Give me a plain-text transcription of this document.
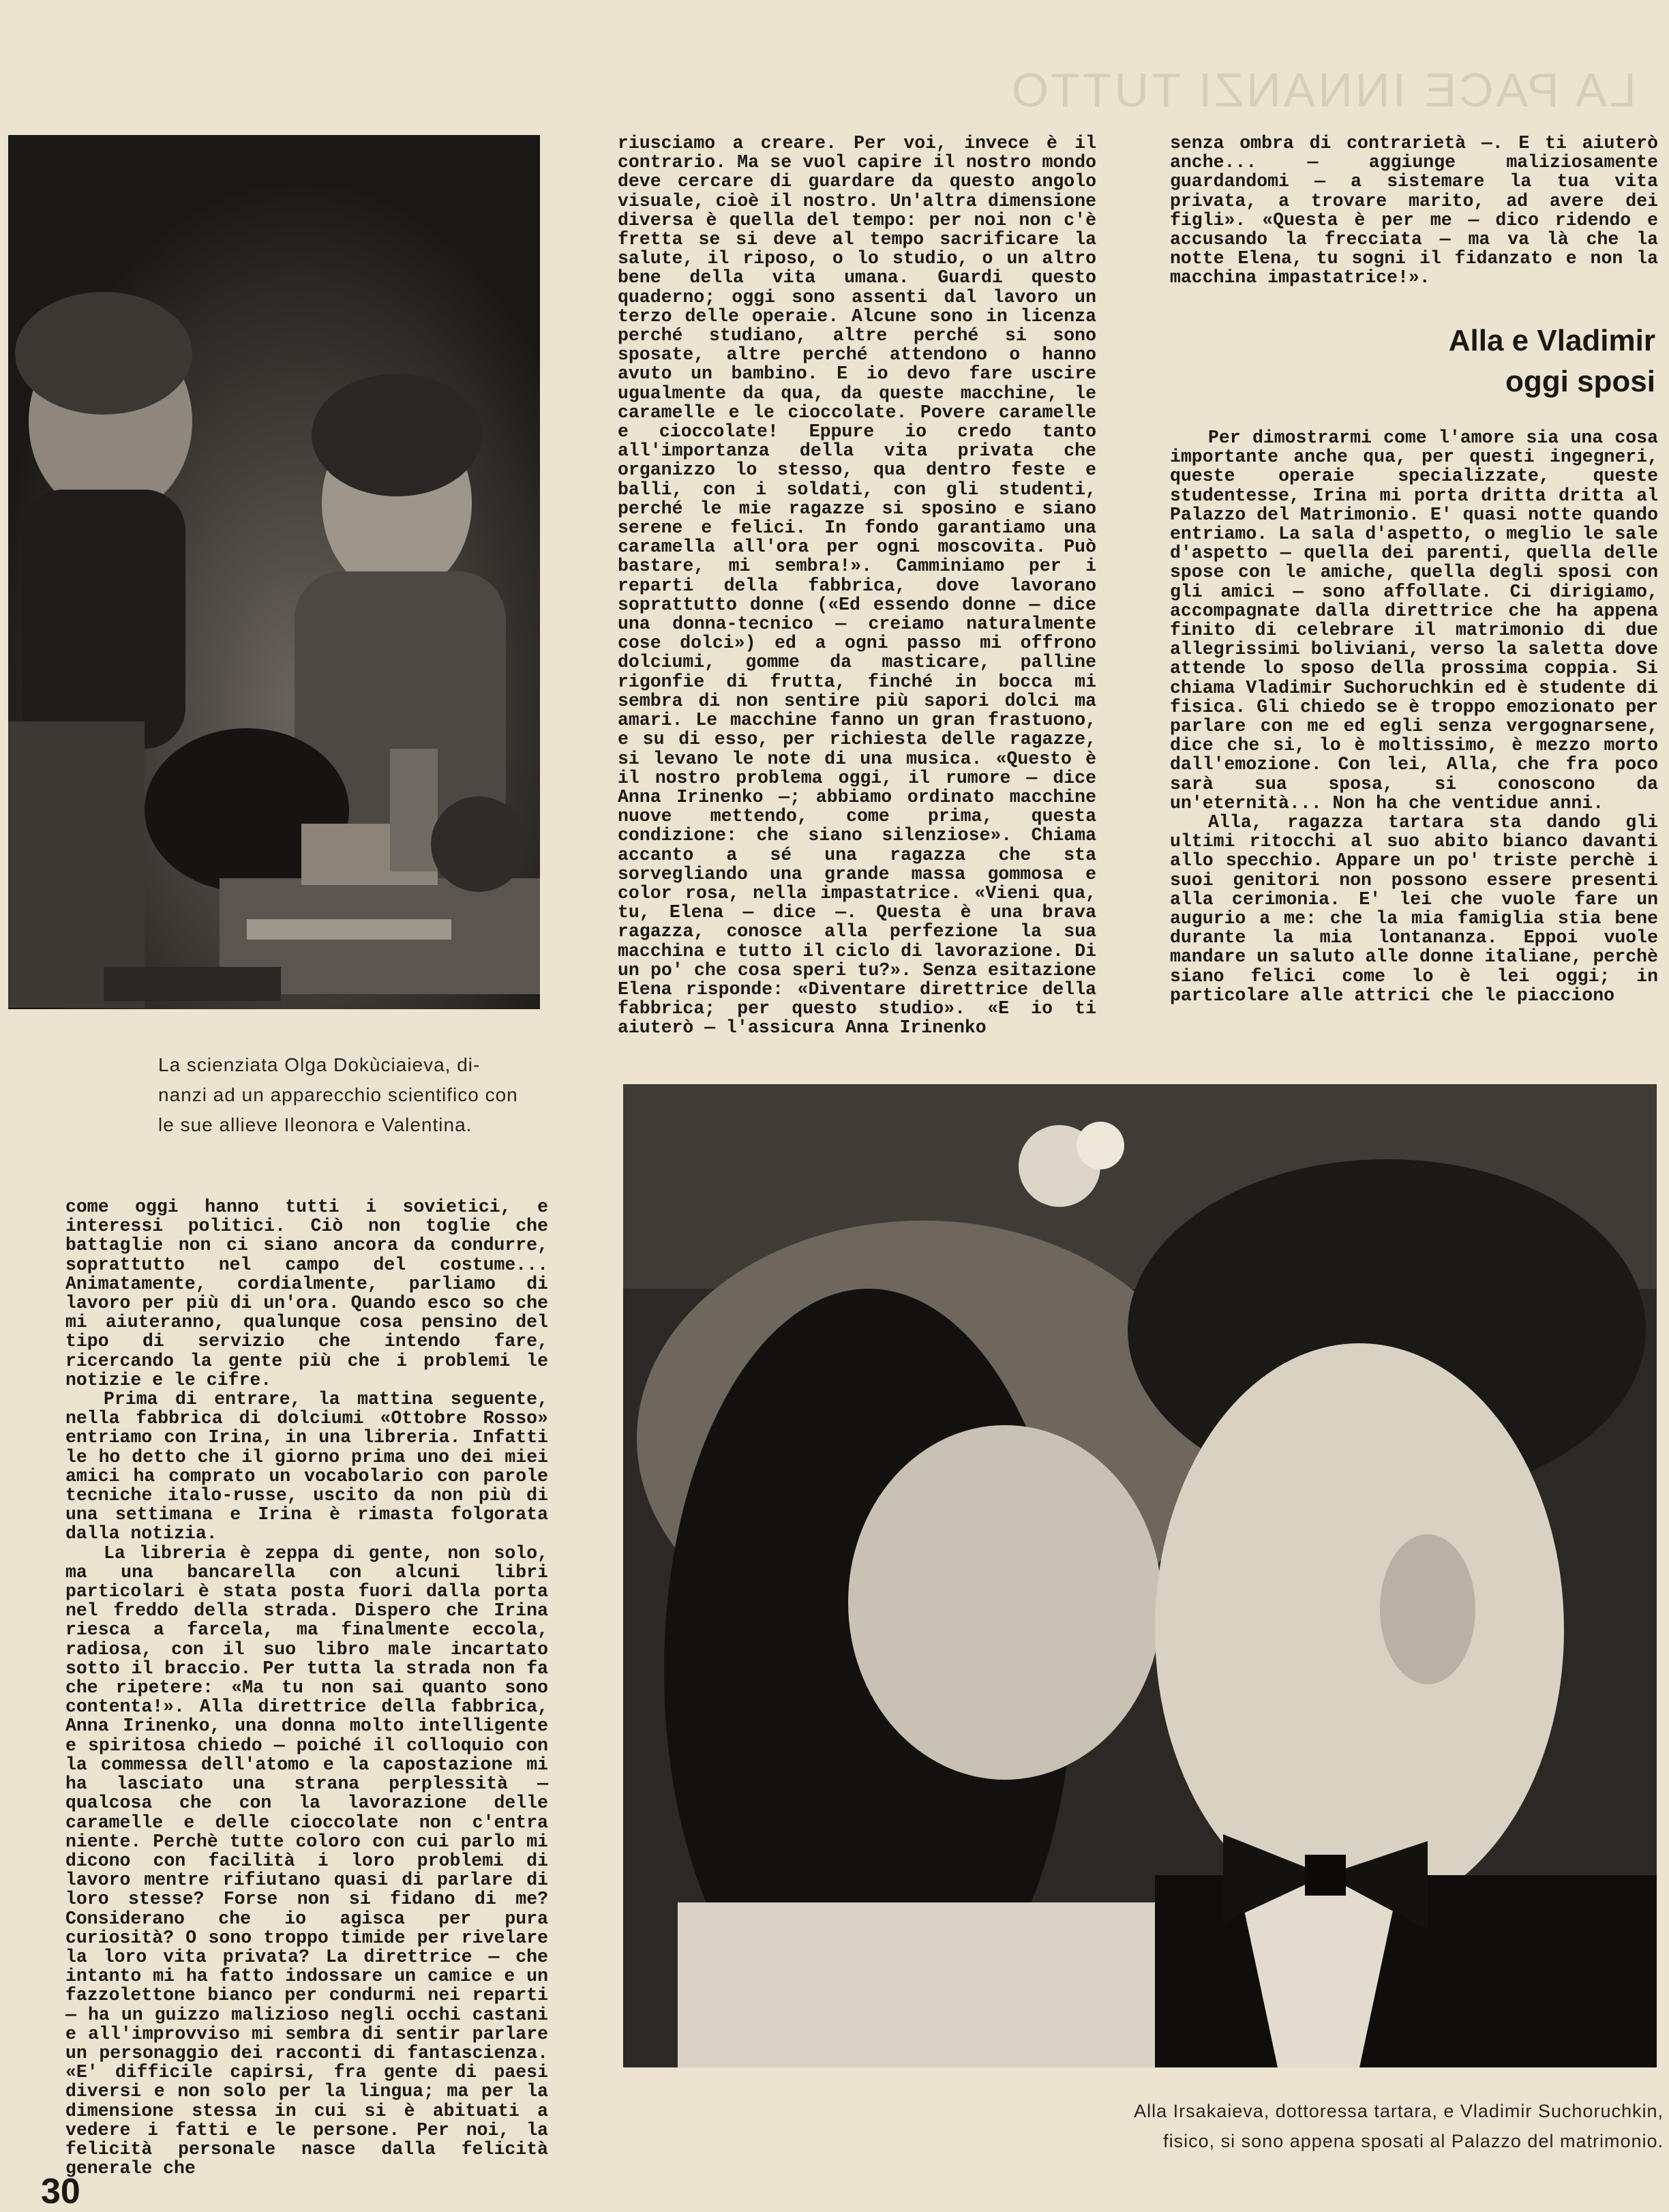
LA PACE INNANZI TUTTO
La scienziata Olga Dokùciaieva, di-
nanzi ad un apparecchio scientifico con
le sue allieve Ileonora e Valentina.

riusciamo a creare. Per voi, invece è il contrario. Ma se vuol capire il nostro mondo deve cercare di guardare da questo angolo visuale, cioè il nostro. Un'altra dimensione diversa è quella del tempo: per noi non c'è fretta se si deve al tempo sacrificare la salute, il riposo, o lo studio, o un altro bene della vita umana. Guardi questo quaderno; oggi sono assenti dal lavoro un terzo delle operaie. Alcune sono in licenza perché studiano, altre perché si sono sposate, altre perché attendono o hanno avuto un bambino. E io devo fare uscire ugualmente da qua, da queste macchine, le caramelle e le cioccolate. Povere caramelle e cioccolate! Eppure io credo tanto all'importanza della vita privata che organizzo lo stesso, qua dentro feste e balli, con i soldati, con gli studenti, perché le mie ragazze si sposino e siano serene e felici. In fondo garantiamo una caramella all'ora per ogni moscovita. Può bastare, mi sembra!». Camminiamo per i reparti della fabbrica, dove lavorano soprattutto donne («Ed essendo donne — dice una donna-tecnico — creiamo naturalmente cose dolci») ed a ogni passo mi offrono dolciumi, gomme da masticare, palline rigonfie di frutta, finché in bocca mi sembra di non sentire più sapori dolci ma amari. Le macchine fanno un gran frastuono, e su di esso, per richiesta delle ragazze, si levano le note di una musica. «Questo è il nostro problema oggi, il rumore — dice Anna Irinenko —; abbiamo ordinato macchine nuove mettendo, come prima, questa condizione: che siano silenziose». Chiama accanto a sé una ragazza che sta sorvegliando una grande massa gommosa e color rosa, nella impastatrice. «Vieni qua, tu, Elena — dice —. Questa è una brava ragazza, conosce alla perfezione la sua macchina e tutto il ciclo di lavorazione. Di un po' che cosa speri tu?». Senza esitazione Elena risponde: «Diventare direttrice della fabbrica; per questo studio». «E io ti aiuterò — l'assicura Anna Irinenko

senza ombra di contrarietà —. E ti aiuterò anche... — aggiunge maliziosamente guardandomi — a sistemare la tua vita privata, a trovare marito, ad avere dei figli». «Questa è per me — dico ridendo e accusando la frecciata — ma va là che la notte Elena, tu sogni il fidanzato e non la macchina impastatrice!».

Alla e Vladimir
oggi sposi

Per dimostrarmi come l'amore sia una cosa importante anche qua, per questi ingegneri, queste operaie specializzate, queste studentesse, Irina mi porta dritta dritta al Palazzo del Matrimonio. E' quasi notte quando entriamo. La sala d'aspetto, o meglio le sale d'aspetto — quella dei parenti, quella delle spose con le amiche, quella degli sposi con gli amici — sono affollate. Ci dirigiamo, accompagnate dalla direttrice che ha appena finito di celebrare il matrimonio di due allegrissimi boliviani, verso la saletta dove attende lo sposo della prossima coppia. Si chiama Vladimir Suchoruchkin ed è studente di fisica. Gli chiedo se è troppo emozionato per parlare con me ed egli senza vergognarsene, dice che si, lo è moltissimo, è mezzo morto dall'emozione. Con lei, Alla, che fra poco sarà sua sposa, si conoscono da un'eternità... Non ha che ventidue anni.

Alla, ragazza tartara sta dando gli ultimi ritocchi al suo abito bianco davanti allo specchio. Appare un po' triste perchè i suoi genitori non possono essere presenti alla cerimonia. E' lei che vuole fare un augurio a me: che la mia famiglia stia bene durante la mia lontananza. Eppoi vuole mandare un saluto alle donne italiane, perchè siano felici come lo è lei oggi; in particolare alle attrici che le piacciono

come oggi hanno tutti i sovietici, e interessi politici. Ciò non toglie che battaglie non ci siano ancora da condurre, soprattutto nel campo del costume... Animatamente, cordialmente, parliamo di lavoro per più di un'ora. Quando esco so che mi aiuteranno, qualunque cosa pensino del tipo di servizio che intendo fare, ricercando la gente più che i problemi le notizie e le cifre.

Prima di entrare, la mattina seguente, nella fabbrica di dolciumi «Ottobre Rosso» entriamo con Irina, in una libreria. Infatti le ho detto che il giorno prima uno dei miei amici ha comprato un vocabolario con parole tecniche italo-russe, uscito da non più di una settimana e Irina è rimasta folgorata dalla notizia.

La libreria è zeppa di gente, non solo, ma una bancarella con alcuni libri particolari è stata posta fuori dalla porta nel freddo della strada. Dispero che Irina riesca a farcela, ma finalmente eccola, radiosa, con il suo libro male incartato sotto il braccio. Per tutta la strada non fa che ripetere: «Ma tu non sai quanto sono contenta!». Alla direttrice della fabbrica, Anna Irinenko, una donna molto intelligente e spiritosa chiedo — poiché il colloquio con la commessa dell'atomo e la capostazione mi ha lasciato una strana perplessità — qualcosa che con la lavorazione delle caramelle e delle cioccolate non c'entra niente. Perchè tutte coloro con cui parlo mi dicono con facilità i loro problemi di lavoro mentre rifiutano quasi di parlare di loro stesse? Forse non si fidano di me? Considerano che io agisca per pura curiosità? O sono troppo timide per rivelare la loro vita privata? La direttrice — che intanto mi ha fatto indossare un camice e un fazzolettone bianco per condurmi nei reparti — ha un guizzo malizioso negli occhi castani e all'improvviso mi sembra di sentir parlare un personaggio dei racconti di fantascienza. «E' difficile capirsi, fra gente di paesi diversi e non solo per la lingua; ma per la dimensione stessa in cui si è abituati a vedere i fatti e le persone. Per noi, la felicità personale nasce dalla felicità generale che

Alla Irsakaieva, dottoressa tartara, e Vladimir Suchoruchkin,
fisico, si sono appena sposati al Palazzo del matrimonio.
30
